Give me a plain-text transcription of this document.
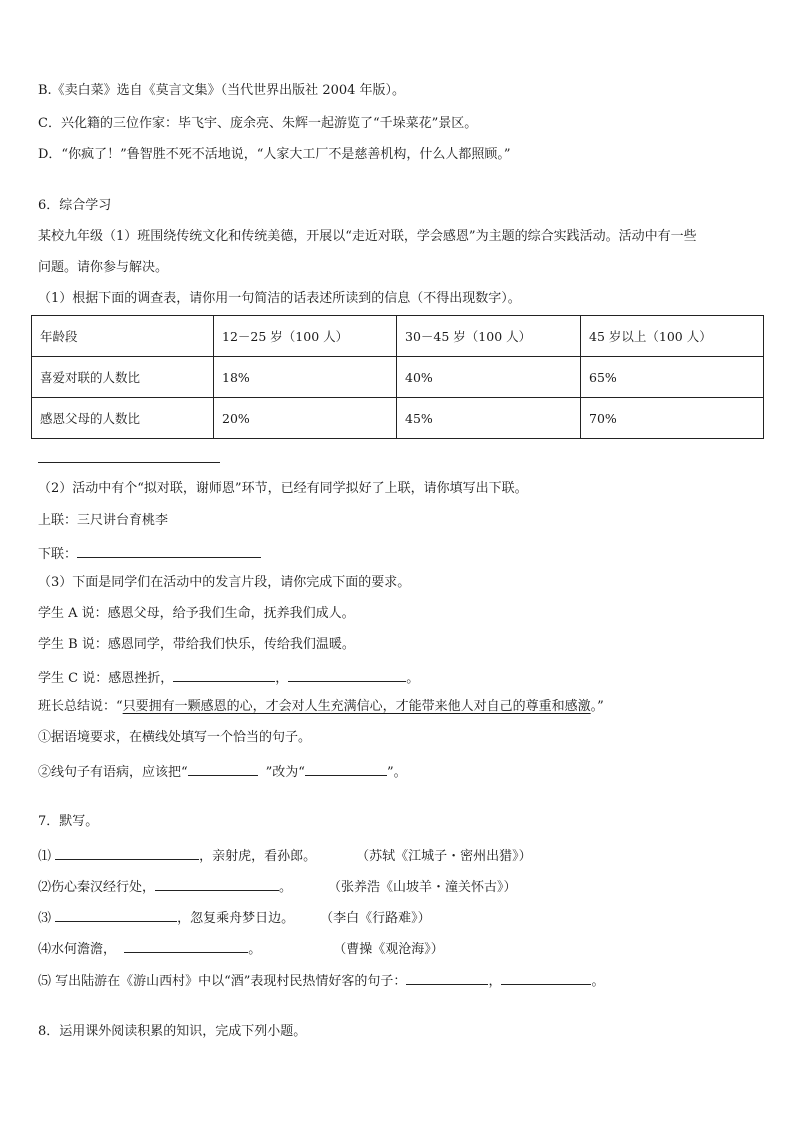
B.《卖白菜》选自《莫言文集》（当代世界出版社 2004 年版）。
C．兴化籍的三位作家：毕飞宇、庞余亮、朱辉一起游览了“千垛菜花”景区。
D．“你疯了！”鲁智胜不死不活地说，“人家大工厂不是慈善机构，什么人都照顾。”
6．综合学习
某校九年级（1）班围绕传统文化和传统美德，开展以“走近对联，学会感恩”为主题的综合实践活动。活动中有一些
问题。请你参与解决。
（1）根据下面的调查表，请你用一句简洁的话表述所读到的信息（不得出现数字）。
年龄段	12－25 岁（100 人）	30－45 岁（100 人）	45 岁以上（100 人）
喜爱对联的人数比	18%	40%	65%
感恩父母的人数比	20%	45%	70%
（2）活动中有个“拟对联，谢师恩”环节，已经有同学拟好了上联，请你填写出下联。
上联：三尺讲台育桃李
下联：
（3）下面是同学们在活动中的发言片段，请你完成下面的要求。
学生 A 说：感恩父母，给予我们生命，抚养我们成人。
学生 B 说：感恩同学，带给我们快乐，传给我们温暖。
学生 C 说：感恩挫折，	，	。
班长总结说：“只要拥有一颗感恩的心，才会对人生充满信心，才能带来他人对自己的尊重和感激。”
①据语境要求，在横线处填写一个恰当的句子。
②线句子有语病，应该把“	”改为“	”。
7．默写。
⑴	，亲射虎，看孙郎。	（苏轼《江城子・密州出猎》）
⑵伤心秦汉经行处，	。	（张养浩《山坡羊・潼关怀古》）
⑶	，忽复乘舟梦日边。 （李白《行路难》）
⑷水何澹澹，	。	（曹操《观沧海》）
⑸ 写出陆游在《游山西村》中以“酒”表现村民热情好客的句子：	，	。
8．运用课外阅读积累的知识，完成下列小题。
